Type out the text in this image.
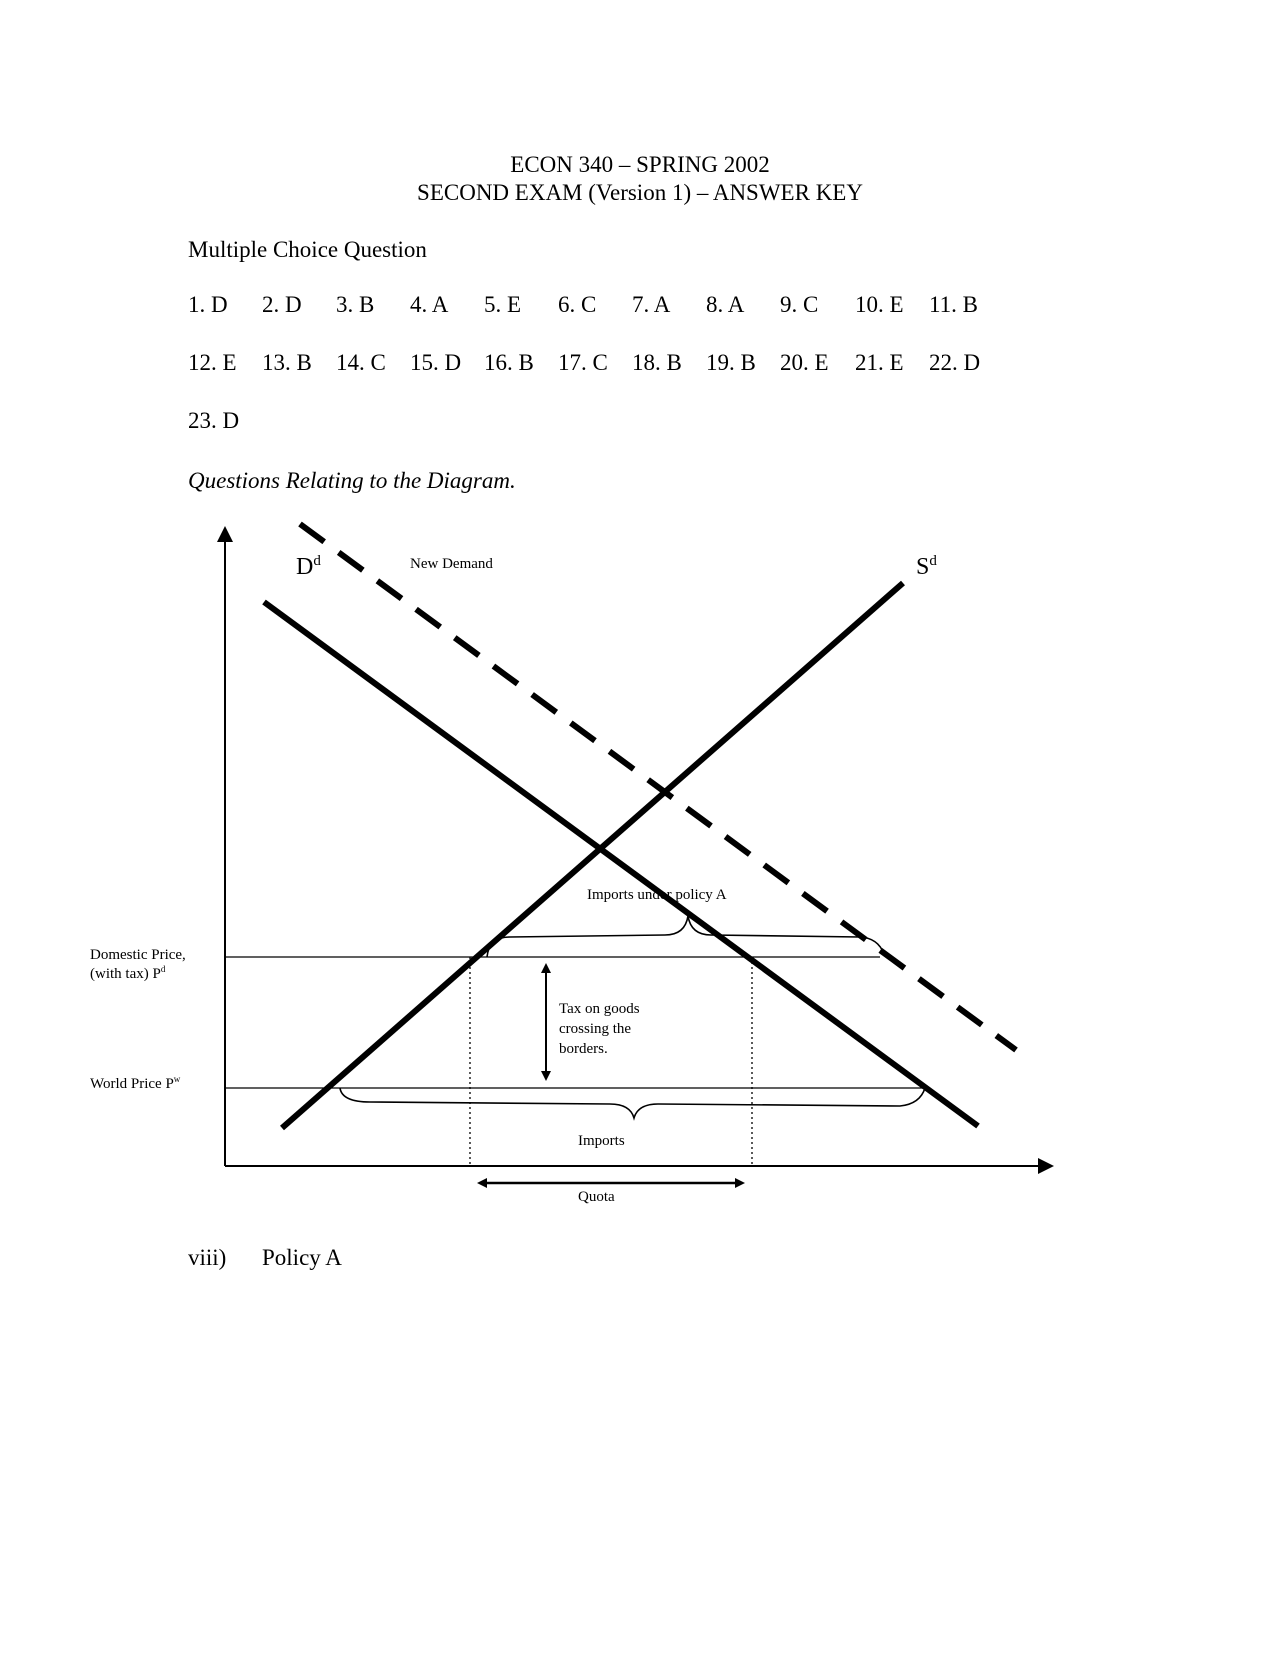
ECON 340 – SPRING 2002
SECOND EXAM (Version 1) – ANSWER KEY
Multiple Choice Question
1. D 2. D 3. B 4. A 5. E 6. C 7. A 8. A 9. C 10. E 11. B
12. E 13. B 14. C 15. D 16. B 17. C 18. B 19. B 20. E 21. E 22. D
23. D
Questions Relating to the Diagram.
$D^d$	$S^d$
New Demand
Imports under policy A
Domestic Price,
(with tax) $P^d$
World Price $P^w$
Tax on goods
crossing the
borders.
Imports
Quota
viii) Policy A
